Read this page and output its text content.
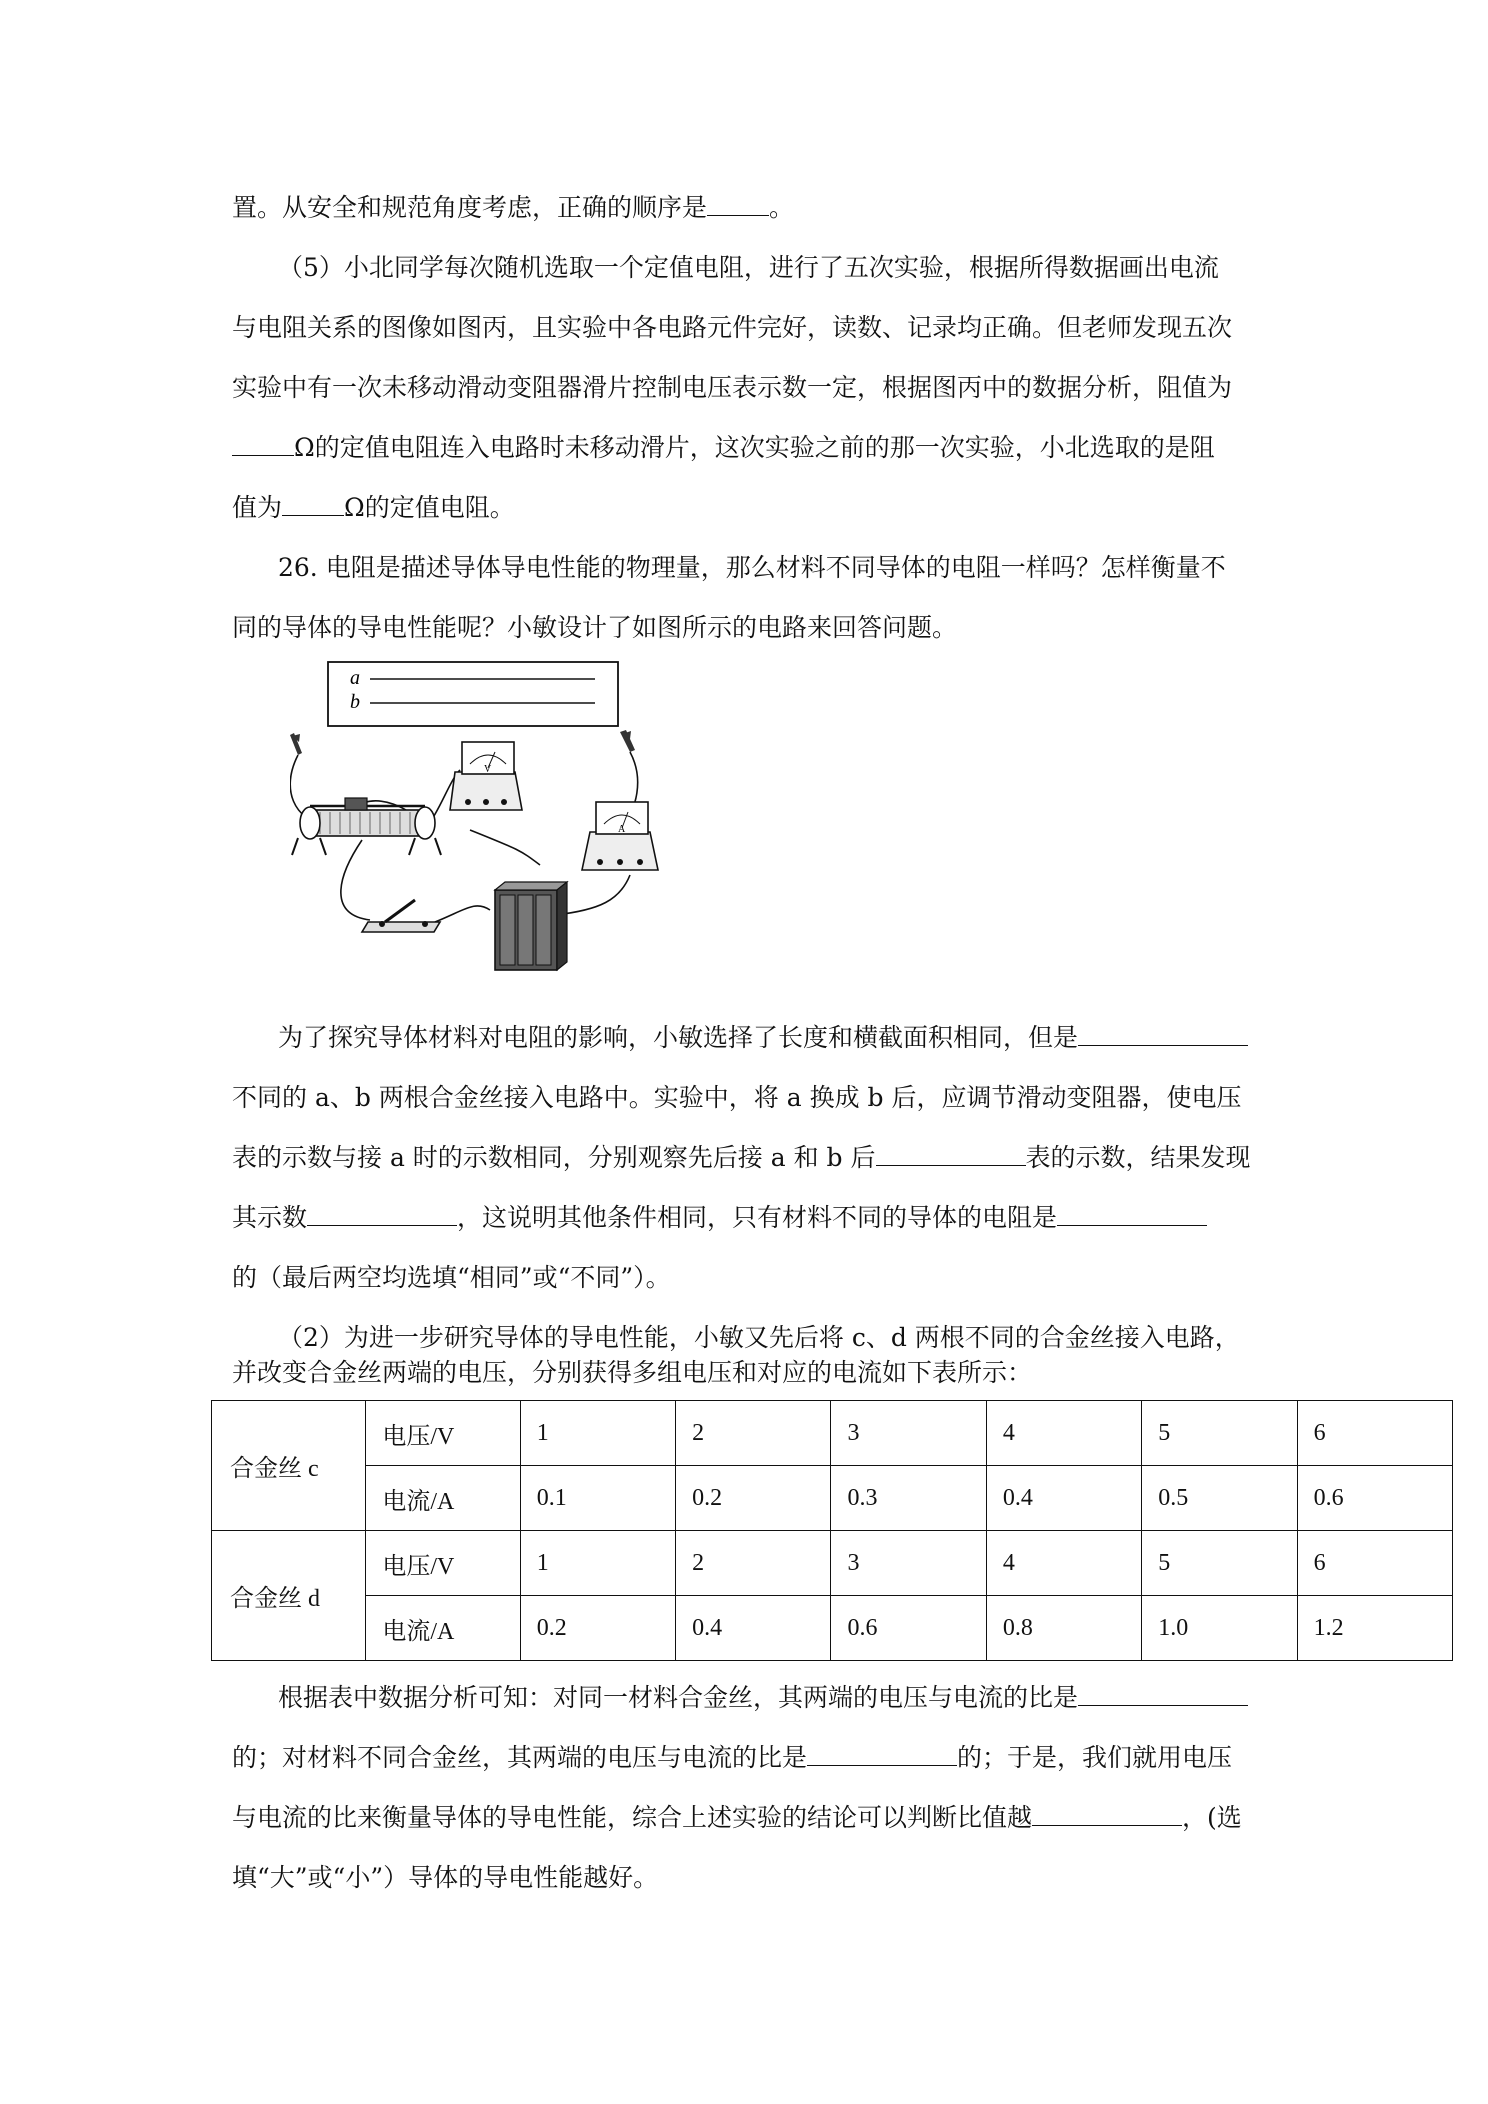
置。从安全和规范角度考虑，正确的顺序是 。
（5）小北同学每次随机选取一个定值电阻，进行了五次实验，根据所得数据画出电流
与电阻关系的图像如图丙，且实验中各电路元件完好，读数、记录均正确。但老师发现五次
实验中有一次未移动滑动变阻器滑片控制电压表示数一定，根据图丙中的数据分析，阻值为
Ω的定值电阻连入电路时未移动滑片，这次实验之前的那一次实验，小北选取的是阻
值为 Ω的定值电阻。
26. 电阻是描述导体导电性能的物理量，那么材料不同导体的电阻一样吗？怎样衡量不
同的导体的导电性能呢？小敏设计了如图所示的电路来回答问题。
a
b
V
A
为了探究导体材料对电阻的影响，小敏选择了长度和横截面积相同，但是
不同的 a、b 两根合金丝接入电路中。实验中，将 a 换成 b 后，应调节滑动变阻器，使电压
表的示数与接 a 时的示数相同，分别观察先后接 a 和 b 后	表的示数，结果发现
其示数	，这说明其他条件相同，只有材料不同的导体的电阻是
的（最后两空均选填“相同”或“不同”）。
（2）为进一步研究导体的导电性能，小敏又先后将 c、d 两根不同的合金丝接入电路，
并改变合金丝两端的电压，分别获得多组电压和对应的电流如下表所示：
合金丝 c	电压/V	1	2	3	4	5	6
	电流/A	0.1	0.2	0.3	0.4	0.5	0.6
合金丝 d	电压/V	1	2	3	4	5	6
	电流/A	0.2	0.4	0.6	0.8	1.0	1.2
根据表中数据分析可知：对同一材料合金丝，其两端的电压与电流的比是
的；对材料不同合金丝，其两端的电压与电流的比是	的；于是，我们就用电压
与电流的比来衡量导体的导电性能，综合上述实验的结论可以判断比值越	，(选
填“大”或“小”）导体的导电性能越好。
